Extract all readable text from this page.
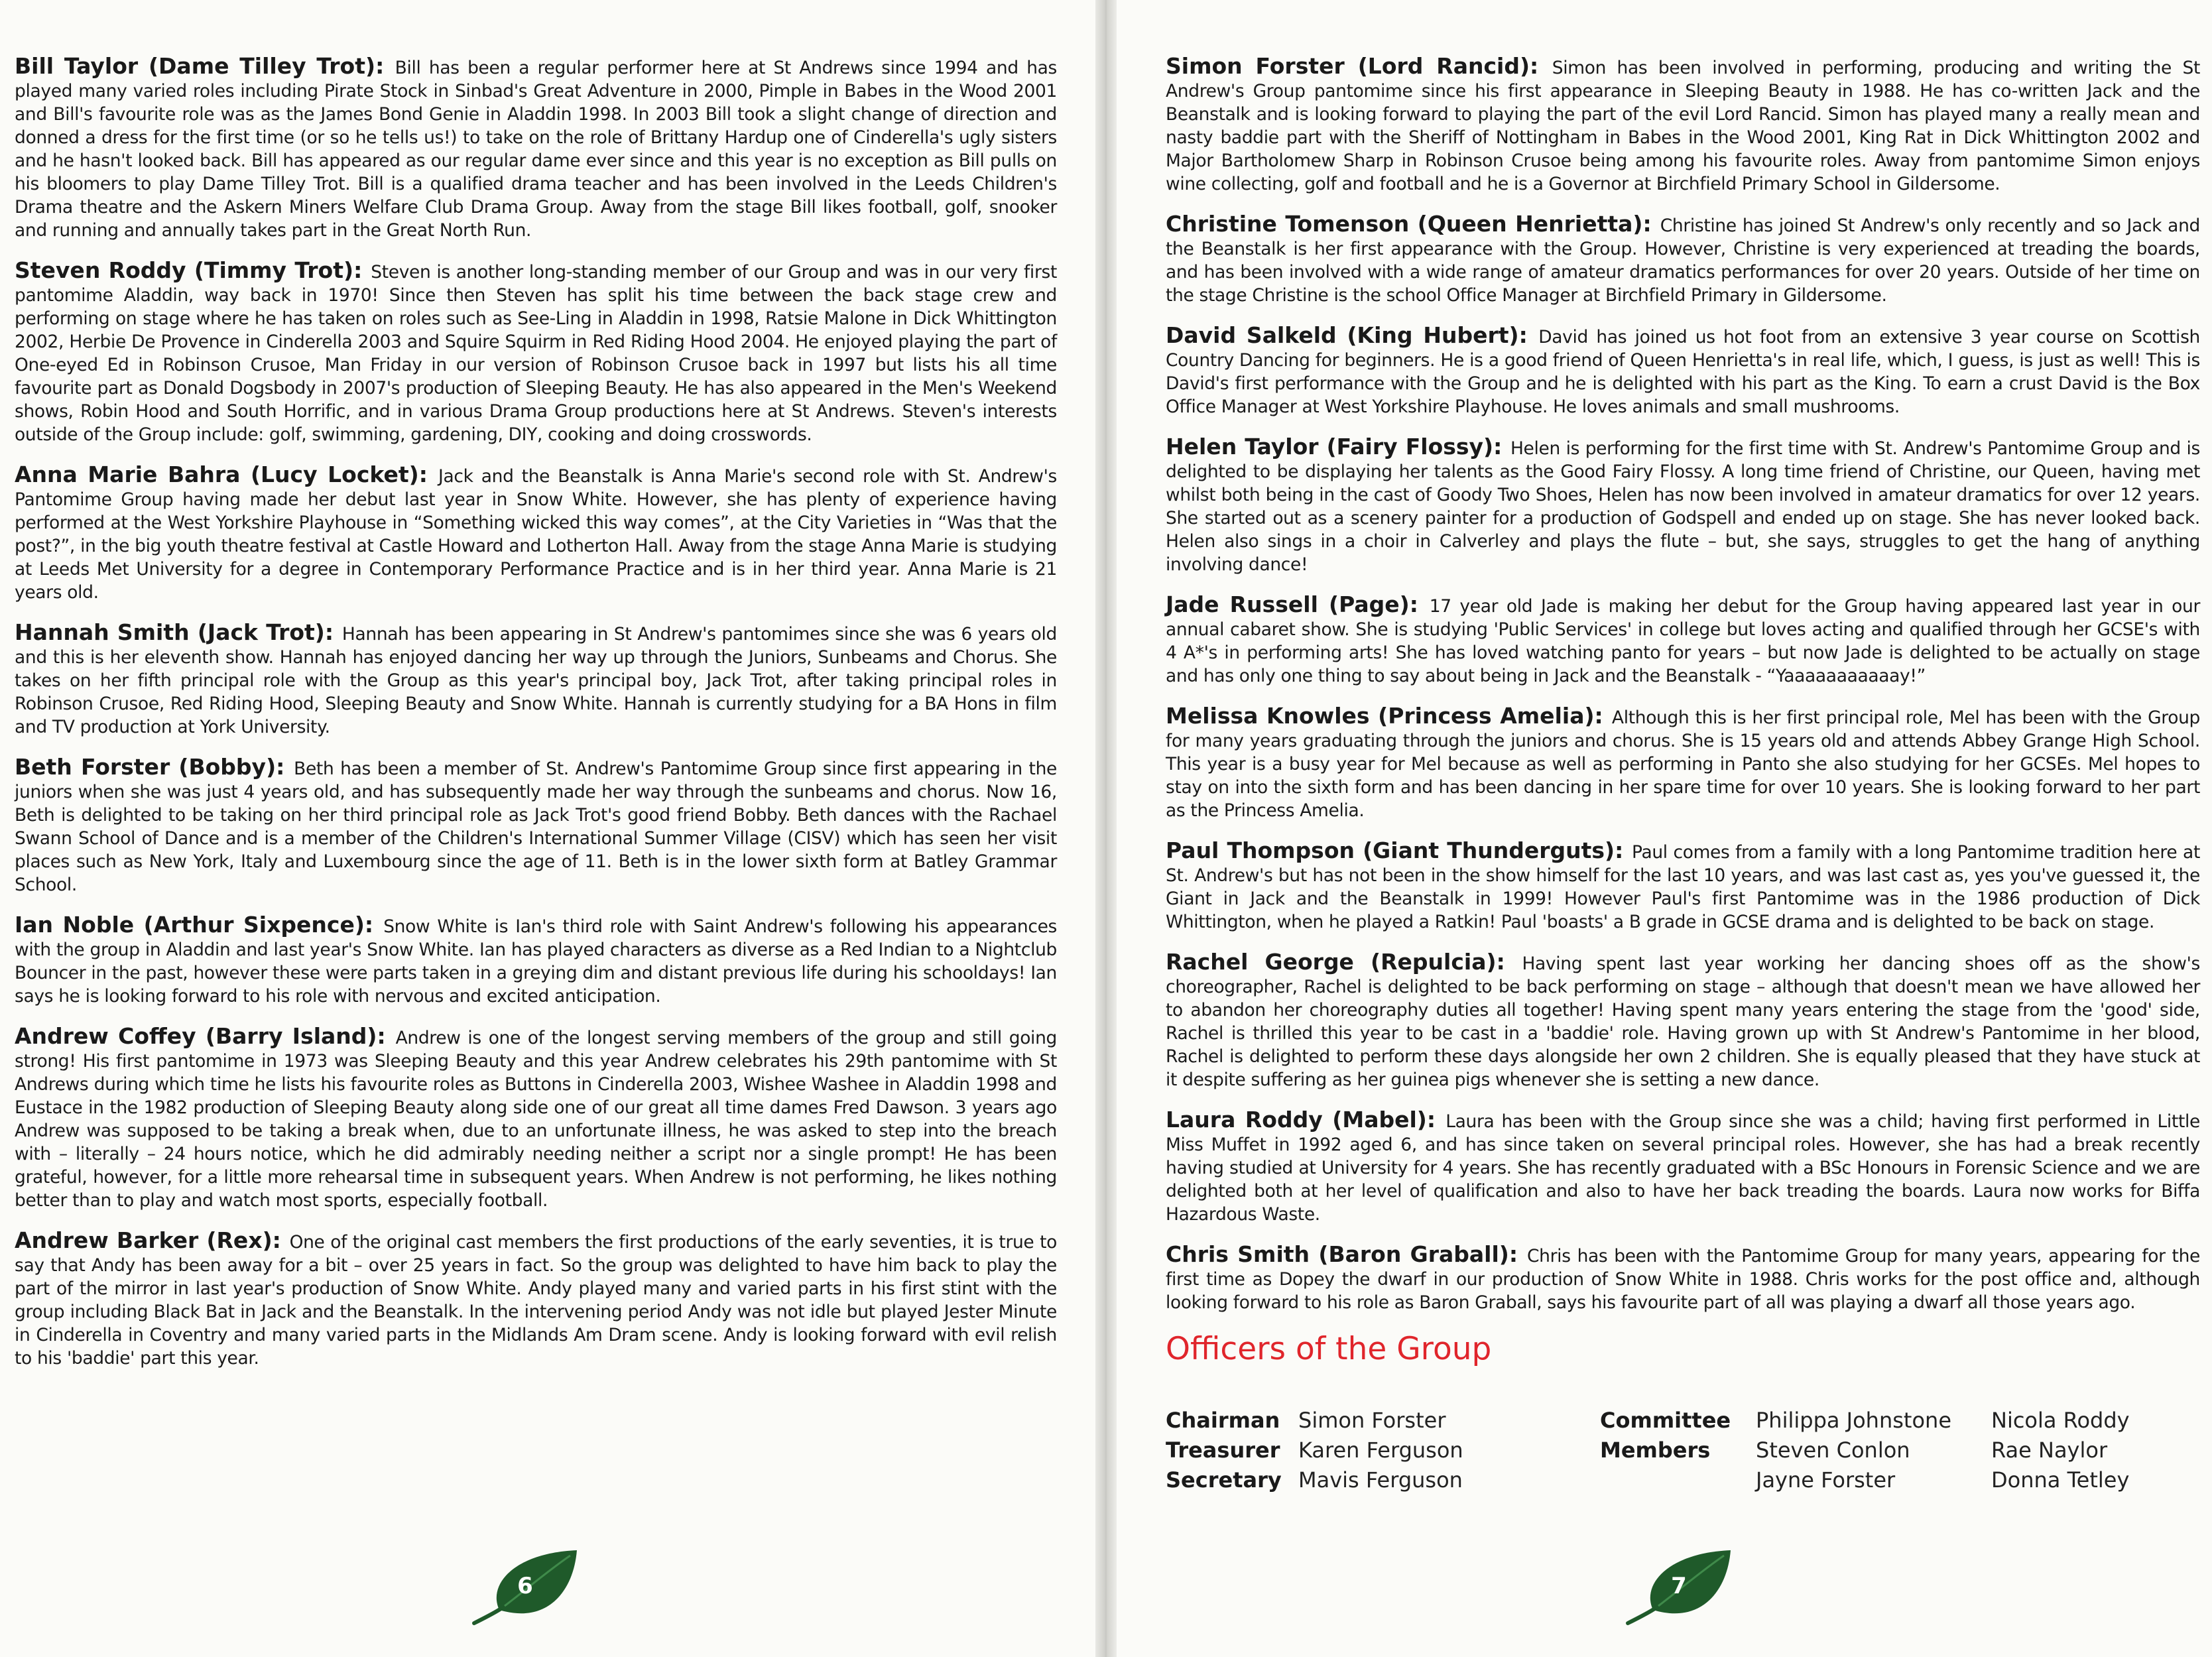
Bill Taylor (Dame Tilley Trot): Bill has been a regular performer here at St Andrews since 1994 and has played many varied roles including Pirate Stock in Sinbad's Great Adventure in 2000, Pimple in Babes in the Wood 2001 and Bill's favourite role was as the James Bond Genie in Aladdin 1998. In 2003 Bill took a slight change of direction and donned a dress for the first time (or so he tells us!) to take on the role of Brittany Hardup one of Cinderella's ugly sisters and he hasn't looked back. Bill has appeared as our regular dame ever since and this year is no exception as Bill pulls on his bloomers to play Dame Tilley Trot. Bill is a qualified drama teacher and has been involved in the Leeds Children's Drama theatre and the Askern Miners Welfare Club Drama Group. Away from the stage Bill likes football, golf, snooker and running and annually takes part in the Great North Run.

Steven Roddy (Timmy Trot): Steven is another long-standing member of our Group and was in our very first pantomime Aladdin, way back in 1970! Since then Steven has split his time between the back stage crew and performing on stage where he has taken on roles such as See-Ling in Aladdin in 1998, Ratsie Malone in Dick Whittington 2002, Herbie De Provence in Cinderella 2003 and Squire Squirm in Red Riding Hood 2004. He enjoyed playing the part of One-eyed Ed in Robinson Crusoe, Man Friday in our version of Robinson Crusoe back in 1997 but lists his all time favourite part as Donald Dogsbody in 2007's production of Sleeping Beauty. He has also appeared in the Men's Weekend shows, Robin Hood and South Horrific, and in various Drama Group productions here at St Andrews. Steven's interests outside of the Group include: golf, swimming, gardening, DIY, cooking and doing crosswords.

Anna Marie Bahra (Lucy Locket): Jack and the Beanstalk is Anna Marie's second role with St. Andrew's Pantomime Group having made her debut last year in Snow White. However, she has plenty of experience having performed at the West Yorkshire Playhouse in “Something wicked this way comes”, at the City Varieties in “Was that the post?”, in the big youth theatre festival at Castle Howard and Lotherton Hall. Away from the stage Anna Marie is studying at Leeds Met University for a degree in Contemporary Performance Practice and is in her third year. Anna Marie is 21 years old.

Hannah Smith (Jack Trot): Hannah has been appearing in St Andrew's pantomimes since she was 6 years old and this is her eleventh show. Hannah has enjoyed dancing her way up through the Juniors, Sunbeams and Chorus. She takes on her fifth principal role with the Group as this year's principal boy, Jack Trot, after taking principal roles in Robinson Crusoe, Red Riding Hood, Sleeping Beauty and Snow White. Hannah is currently studying for a BA Hons in film and TV production at York University.

Beth Forster (Bobby): Beth has been a member of St. Andrew's Pantomime Group since first appearing in the juniors when she was just 4 years old, and has subsequently made her way through the sunbeams and chorus. Now 16, Beth is delighted to be taking on her third principal role as Jack Trot's good friend Bobby. Beth dances with the Rachael Swann School of Dance and is a member of the Children's International Summer Village (CISV) which has seen her visit places such as New York, Italy and Luxembourg since the age of 11. Beth is in the lower sixth form at Batley Grammar School.

Ian Noble (Arthur Sixpence): Snow White is Ian's third role with Saint Andrew's following his appearances with the group in Aladdin and last year's Snow White. Ian has played characters as diverse as a Red Indian to a Nightclub Bouncer in the past, however these were parts taken in a greying dim and distant previous life during his schooldays! Ian says he is looking forward to his role with nervous and excited anticipation.

Andrew Coffey (Barry Island): Andrew is one of the longest serving members of the group and still going strong! His first pantomime in 1973 was Sleeping Beauty and this year Andrew celebrates his 29th pantomime with St Andrews during which time he lists his favourite roles as Buttons in Cinderella 2003, Wishee Washee in Aladdin 1998 and Eustace in the 1982 production of Sleeping Beauty along side one of our great all time dames Fred Dawson. 3 years ago Andrew was supposed to be taking a break when, due to an unfortunate illness, he was asked to step into the breach with – literally – 24 hours notice, which he did admirably needing neither a script nor a single prompt! He has been grateful, however, for a little more rehearsal time in subsequent years. When Andrew is not performing, he likes nothing better than to play and watch most sports, especially football.

Andrew Barker (Rex): One of the original cast members the first productions of the early seventies, it is true to say that Andy has been away for a bit – over 25 years in fact. So the group was delighted to have him back to play the part of the mirror in last year's production of Snow White. Andy played many and varied parts in his first stint with the group including Black Bat in Jack and the Beanstalk. In the intervening period Andy was not idle but played Jester Minute in Cinderella in Coventry and many varied parts in the Midlands Am Dram scene. Andy is looking forward with evil relish to his 'baddie' part this year.

6

Simon Forster (Lord Rancid): Simon has been involved in performing, producing and writing the St Andrew's Group pantomime since his first appearance in Sleeping Beauty in 1988. He has co-written Jack and the Beanstalk and is looking forward to playing the part of the evil Lord Rancid. Simon has played many a really mean and nasty baddie part with the Sheriff of Nottingham in Babes in the Wood 2001, King Rat in Dick Whittington 2002 and Major Bartholomew Sharp in Robinson Crusoe being among his favourite roles. Away from pantomime Simon enjoys wine collecting, golf and football and he is a Governor at Birchfield Primary School in Gildersome.

Christine Tomenson (Queen Henrietta): Christine has joined St Andrew's only recently and so Jack and the Beanstalk is her first appearance with the Group. However, Christine is very experienced at treading the boards, and has been involved with a wide range of amateur dramatics performances for over 20 years. Outside of her time on the stage Christine is the school Office Manager at Birchfield Primary in Gildersome.

David Salkeld (King Hubert): David has joined us hot foot from an extensive 3 year course on Scottish Country Dancing for beginners. He is a good friend of Queen Henrietta's in real life, which, I guess, is just as well! This is David's first performance with the Group and he is delighted with his part as the King. To earn a crust David is the Box Office Manager at West Yorkshire Playhouse. He loves animals and small mushrooms.

Helen Taylor (Fairy Flossy): Helen is performing for the first time with St. Andrew's Pantomime Group and is delighted to be displaying her talents as the Good Fairy Flossy. A long time friend of Christine, our Queen, having met whilst both being in the cast of Goody Two Shoes, Helen has now been involved in amateur dramatics for over 12 years. She started out as a scenery painter for a production of Godspell and ended up on stage. She has never looked back. Helen also sings in a choir in Calverley and plays the flute – but, she says, struggles to get the hang of anything involving dance!

Jade Russell (Page): 17 year old Jade is making her debut for the Group having appeared last year in our annual cabaret show. She is studying 'Public Services' in college but loves acting and qualified through her GCSE's with 4 A*'s in performing arts! She has loved watching panto for years – but now Jade is delighted to be actually on stage and has only one thing to say about being in Jack and the Beanstalk - “Yaaaaaaaaaaay!”

Melissa Knowles (Princess Amelia): Although this is her first principal role, Mel has been with the Group for many years graduating through the juniors and chorus. She is 15 years old and attends Abbey Grange High School. This year is a busy year for Mel because as well as performing in Panto she also studying for her GCSEs. Mel hopes to stay on into the sixth form and has been dancing in her spare time for over 10 years. She is looking forward to her part as the Princess Amelia.

Paul Thompson (Giant Thunderguts): Paul comes from a family with a long Pantomime tradition here at St. Andrew's but has not been in the show himself for the last 10 years, and was last cast as, yes you've guessed it, the Giant in Jack and the Beanstalk in 1999! However Paul's first Pantomime was in the 1986 production of Dick Whittington, when he played a Ratkin! Paul 'boasts' a B grade in GCSE drama and is delighted to be back on stage.

Rachel George (Repulcia): Having spent last year working her dancing shoes off as the show's choreographer, Rachel is delighted to be back performing on stage – although that doesn't mean we have allowed her to abandon her choreography duties all together! Having spent many years entering the stage from the 'good' side, Rachel is thrilled this year to be cast in a 'baddie' role. Having grown up with St Andrew's Pantomime in her blood, Rachel is delighted to perform these days alongside her own 2 children. She is equally pleased that they have stuck at it despite suffering as her guinea pigs whenever she is setting a new dance.

Laura Roddy (Mabel): Laura has been with the Group since she was a child; having first performed in Little Miss Muffet in 1992 aged 6, and has since taken on several principal roles. However, she has had a break recently having studied at University for 4 years. She has recently graduated with a BSc Honours in Forensic Science and we are delighted both at her level of qualification and also to have her back treading the boards. Laura now works for Biffa Hazardous Waste.

Chris Smith (Baron Graball): Chris has been with the Pantomime Group for many years, appearing for the first time as Dopey the dwarf in our production of Snow White in 1988. Chris works for the post office and, although looking forward to his role as Baron Graball, says his favourite part of all was playing a dwarf all those years ago.

Officers of the Group
Chairman
Treasurer
Secretary
Simon Forster
Karen Ferguson
Mavis Ferguson
Committee
Members
Philippa Johnstone
Steven Conlon
Jayne Forster
Nicola Roddy
Rae Naylor
Donna Tetley
7
